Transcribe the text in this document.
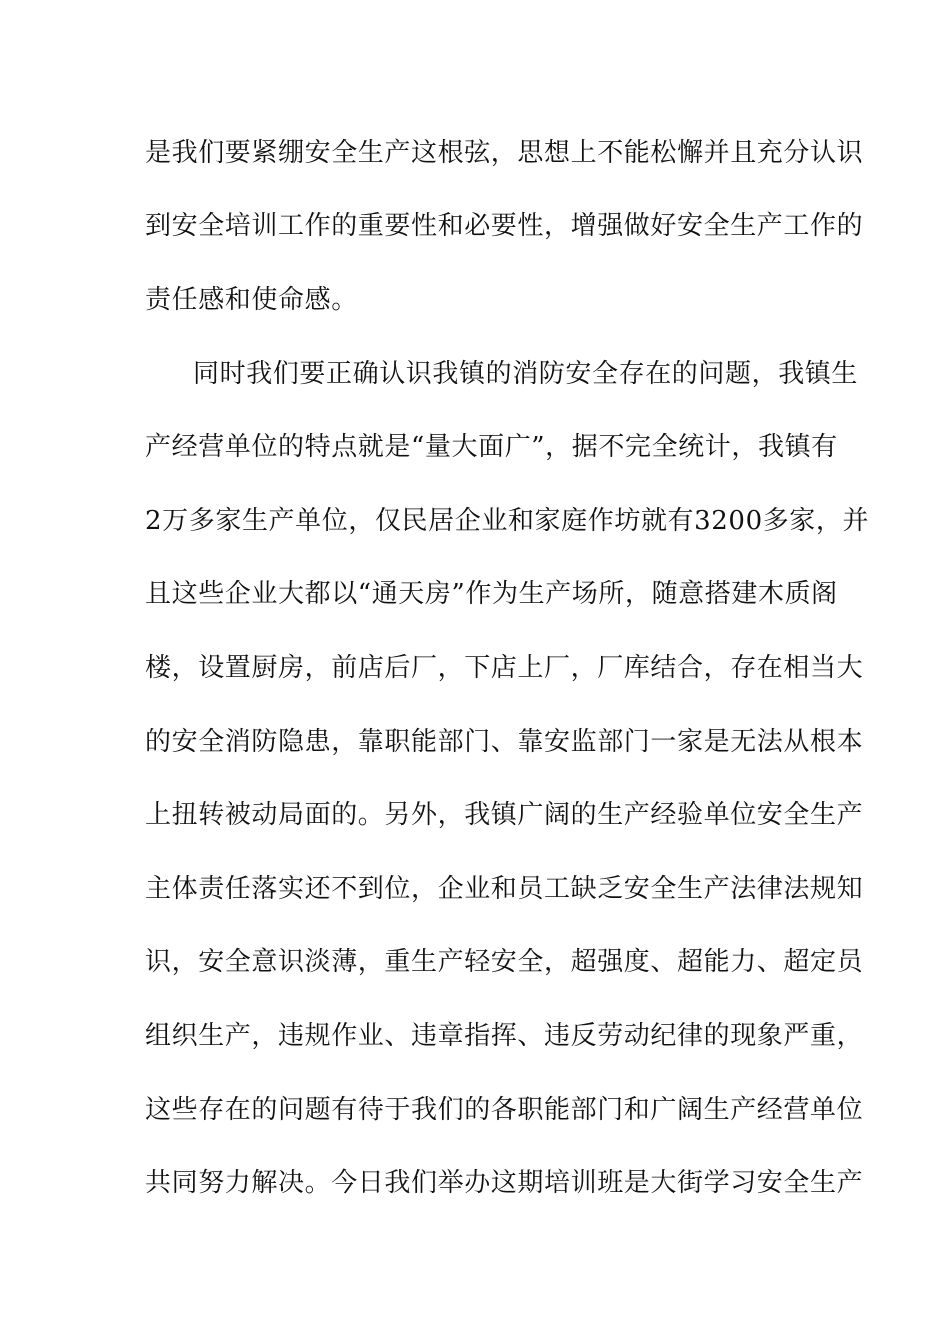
是我们要紧绷安全生产这根弦，思想上不能松懈并且充分认识
到安全培训工作的重要性和必要性，增强做好安全生产工作的
责任感和使命感。
同时我们要正确认识我镇的消防安全存在的问题，我镇生
产经营单位的特点就是“量大面广”，据不完全统计，我镇有
2万多家生产单位，仅民居企业和家庭作坊就有3200多家，并
且这些企业大都以“通天房”作为生产场所，随意搭建木质阁
楼，设置厨房，前店后厂，下店上厂，厂库结合，存在相当大
的安全消防隐患，靠职能部门、靠安监部门一家是无法从根本
上扭转被动局面的。另外，我镇广阔的生产经验单位安全生产
主体责任落实还不到位，企业和员工缺乏安全生产法律法规知
识，安全意识淡薄，重生产轻安全，超强度、超能力、超定员
组织生产，违规作业、违章指挥、违反劳动纪律的现象严重，
这些存在的问题有待于我们的各职能部门和广阔生产经营单位
共同努力解决。今日我们举办这期培训班是大街学习安全生产
